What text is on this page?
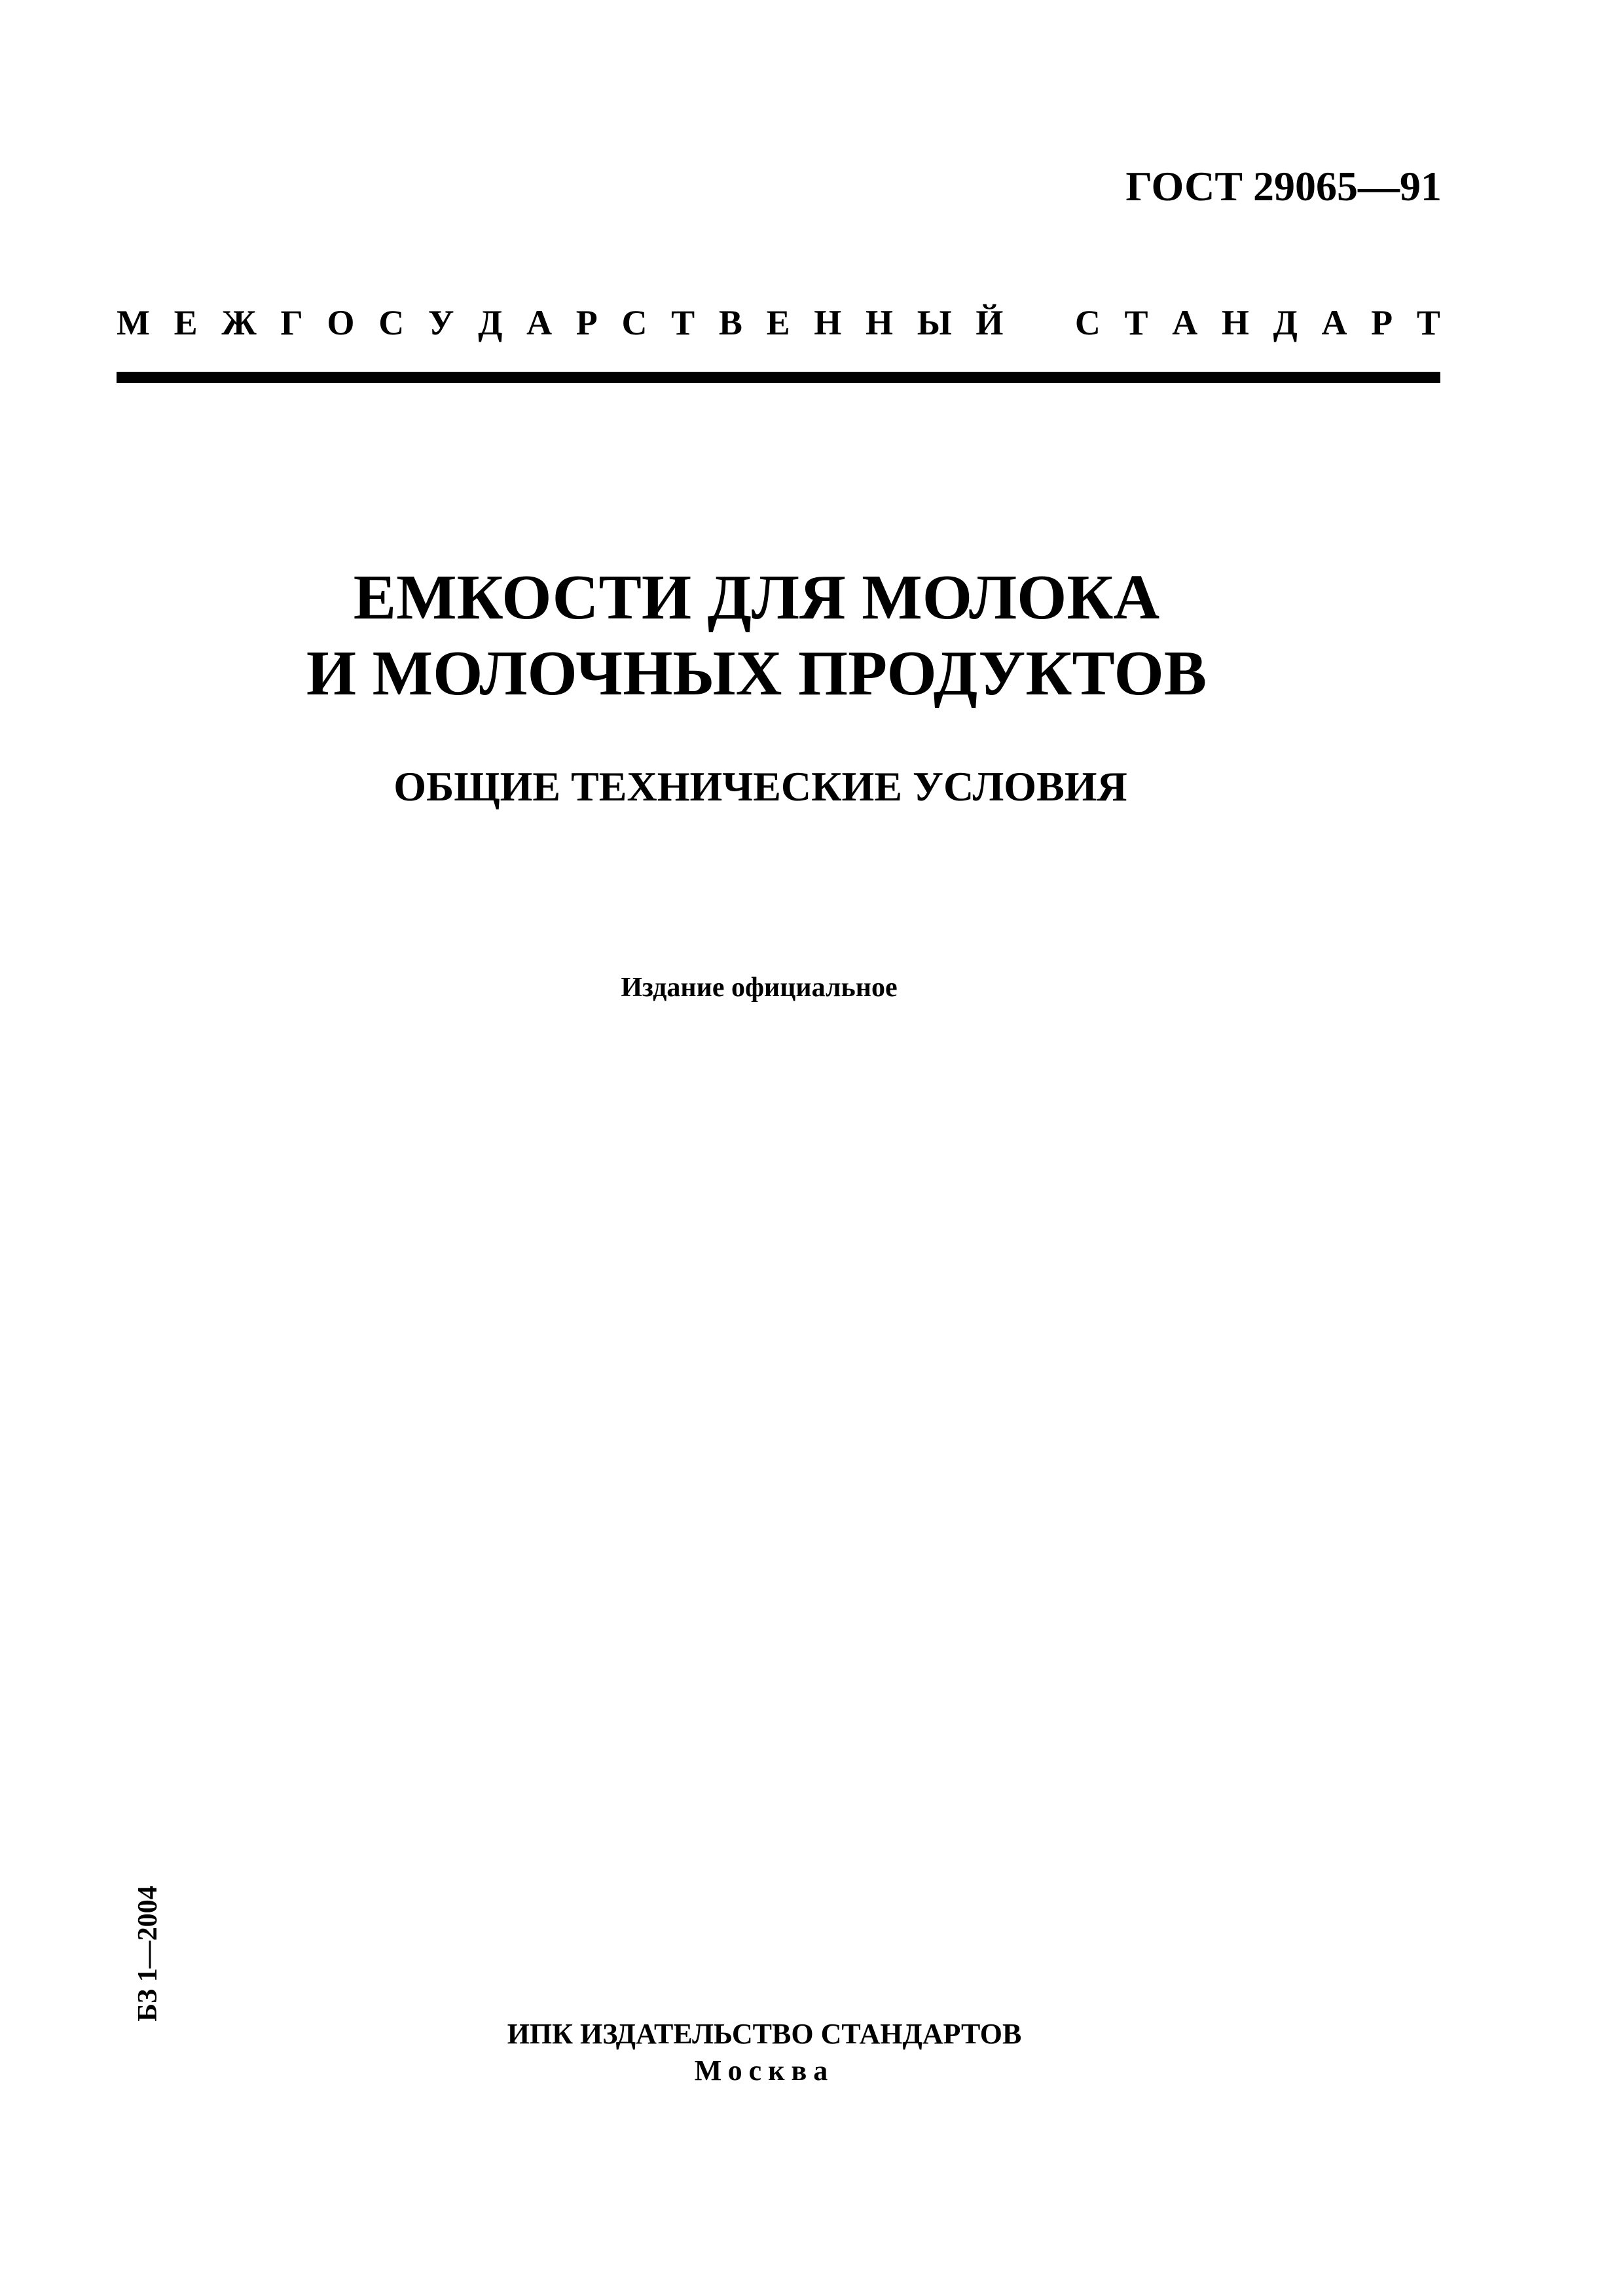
ГОСТ 29065—91
М Е Ж Г О С У Д А Р С Т В Е Н Н Ы Й С Т А Н Д А Р Т
ЕМКОСТИ ДЛЯ МОЛОКА
И МОЛОЧНЫХ ПРОДУКТОВ
ОБЩИЕ ТЕХНИЧЕСКИЕ УСЛОВИЯ
Издание официальное
БЗ 1—2004
ИПК ИЗДАТЕЛЬСТВО СТАНДАРТОВ
Москва
